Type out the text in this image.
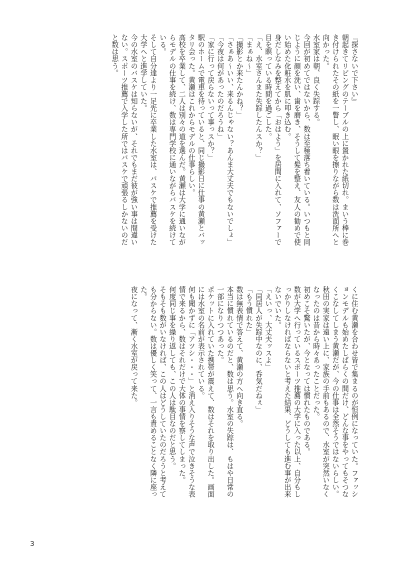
『探さないで下さい』

朝起きてリビングのテーブルの上に置かれた紙切れ。まいう棒に巻き付けられたその紙を一瞥し、眠い眼を擦りながら数は洗面所へと向かった。

水室家は朝、良く失踪する。

今回が初めてではないから、数は至極落ち着いている。いつもと同じように顔を洗い、歯を磨き、そうして髪を整え、友人の勧めで使い始めた化粧水を肌に叩き込む。

身だしなみを整えてから「おはよう」を居間に入れて、ソファーで目を瞑っている時間を過ごした。

「え、水室さんまた失踪したんスか？」

「まぁね〜」

「撮影とか来たんかね？」

「さぁあ〜いい、来るんじゃない？あんま大丈夫でもないでしょ」

「今夜は何があったのだろうね」

「家に行って戻らないって事っスか？」

駅のホームで電車を待っていると、同じ撮影日に仕事の黄瀬とバッタリ会った。黄瀬はこれからモデルの仕事らしい。

高校を卒業して、二人は別々の道を選んだ。黄瀬は大学に通いながらモデルの仕事を続け、数は専門学校に通いながらバスケを続けている。

そして自分達より一足先に卒業した水室は、バスケで推薦を受けた大学へと進学していた。

今の水室のバスケは知らないが、それでもまだ彼が強い事は間違いない。スポーツ推薦で入学した所ではバスケで頑張るしかないのだと数は思う。

くに住む黄瀬を合わせ皆で集まるのが恒例になっていた。ファッションモデルも始めたしばらくの間だけ、どんな事をやってもそつなくこなしてしまう黄瀬だが、今の仕事は全然そうではないらしい。

秋田の実家は遠い上に、家族の手前もあるので、水室が突然いなくなったのは昔から時々あったことだった。

初めこそ驚いたが、今となっては慣れたものである。

数が大学へ行っているスポーツ推薦の大学に入った以上、自分もしっかりしなければならないと考えた結果、どうしても進む事が出来ないでいた。

「えいっ、大丈夫ッスよ」

「同居人が失踪中なのに、呑気だねぇ」

「もう慣れた」

数は無表情で答えて、黄瀬の方へ向き直る。

本当に慣れているのだと、数は思う。水室の失踪は、もはや日常の一部になりつつあった。

ポケットに入れていた携帯が震えて、数はそれを取り出した。画面には水室の名前が表示されている。

何も聞かずに「アツシ・・・」と消え入りそうな声で泣きそうな表情で来るから、数はそれだけで大体の事情を察してしまった。

何度同じ事を繰り返しても、この人は駄目なのだと思う。

そもそも数がいなければ、この人はどうしていたのだろうと考えても分からない。数は優しく笑って、一言も責めることなく隣に座った。

夜になって、漸く水室が戻って来た。

3
